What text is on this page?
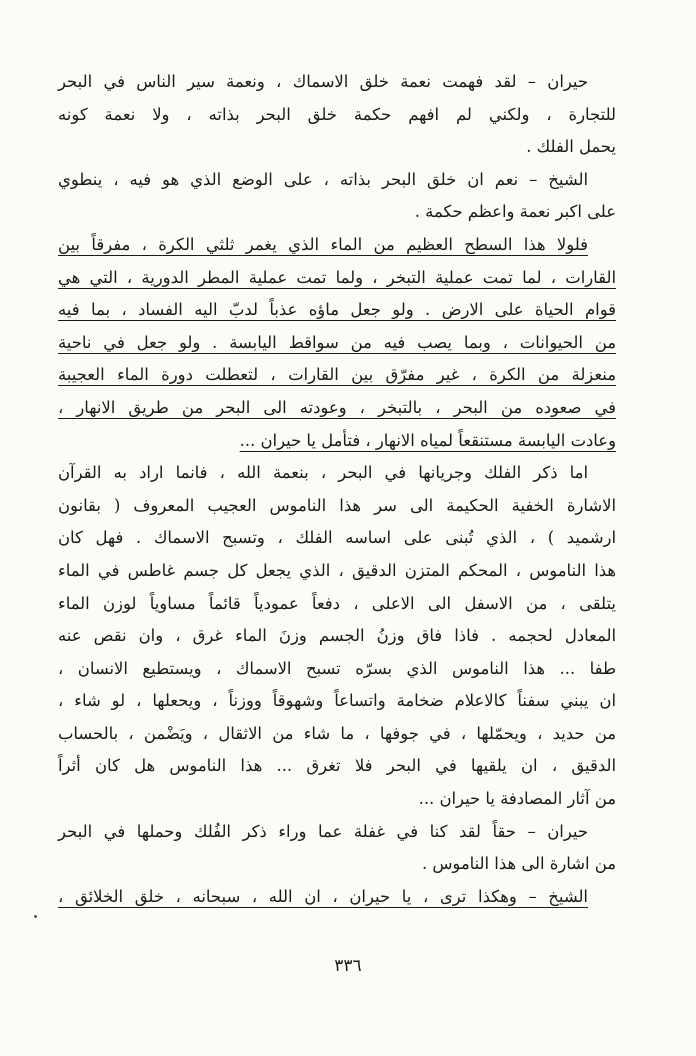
حيران – لقد فهمت نعمة خلق الاسماك ، ونعمة سير الناس في البحر
للتجارة ، ولكني لم افهم حكمة خلق البحر بذاته ، ولا نعمة كونه
يحمل الفلك .
الشيخ – نعم ان خلق البحر بذاته ، على الوضع الذي هو فيه ، ينطوي
على اكبر نعمة واعظم حكمة .
فلولا هذا السطح العظيم من الماء الذي يغمر ثلثي الكرة ، مفرقاً بين
القارات ، لما تمت عملية التبخر ، ولما تمت عملية المطر الدورية ، التي هي
قوام الحياة على الارض . ولو جعل ماؤه عذباً لدبّ اليه الفساد ، بما فيه
من الحيوانات ، وبما يصب فيه من سواقط اليابسة . ولو جعل في ناحية
منعزلة من الكرة ، غير مفرّق بين القارات ، لتعطلت دورة الماء العجيبة
في صعوده من البحر ، بالتبخر ، وعودته الى البحر من طريق الانهار ،
وعادت اليابسة مستنقعاً لمياه الانهار ، فتأمل يا حيران ...
اما ذكر الفلك وجريانها في البحر ، بنعمة الله ، فانما اراد به القرآن
الاشارة الخفية الحكيمة الى سر هذا الناموس العجيب المعروف ( بقانون
ارشميد ) ، الذي تُبنى على اساسه الفلك ، وتسبح الاسماك . فهل كان
هذا الناموس ، المحكم المتزن الدقيق ، الذي يجعل كل جسم غاطس في الماء
يتلقى ، من الاسفل الى الاعلى ، دفعاً عمودياً قائماً مساوياً لوزن الماء
المعادل لحجمه . فاذا فاق وزنُ الجسم وزنَ الماء غرق ، وان نقص عنه
طفا ... هذا الناموس الذي بسرّه تسبح الاسماك ، ويستطيع الانسان ،
ان يبني سفناً كالاعلام ضخامة واتساعاً وشهوقاً ووزناً ، ويحعلها ، لو شاء ،
من حديد ، ويحمّلها ، في جوفها ، ما شاء من الاثقال ، ويَضْمن ، بالحساب
الدقيق ، ان يلقيها في البحر فلا تغرق ... هذا الناموس هل كان أثراً
من آثار المصادفة يا حيران ...
حيران – حقاً لقد كنا في غفلة عما وراء ذكر الفُلك وحملها في البحر
من اشارة الى هذا الناموس .
الشيخ – وهكذا ترى ، يا حيران ، ان الله ، سبحانه ، خلق الخلائق ،
٣٣٦
